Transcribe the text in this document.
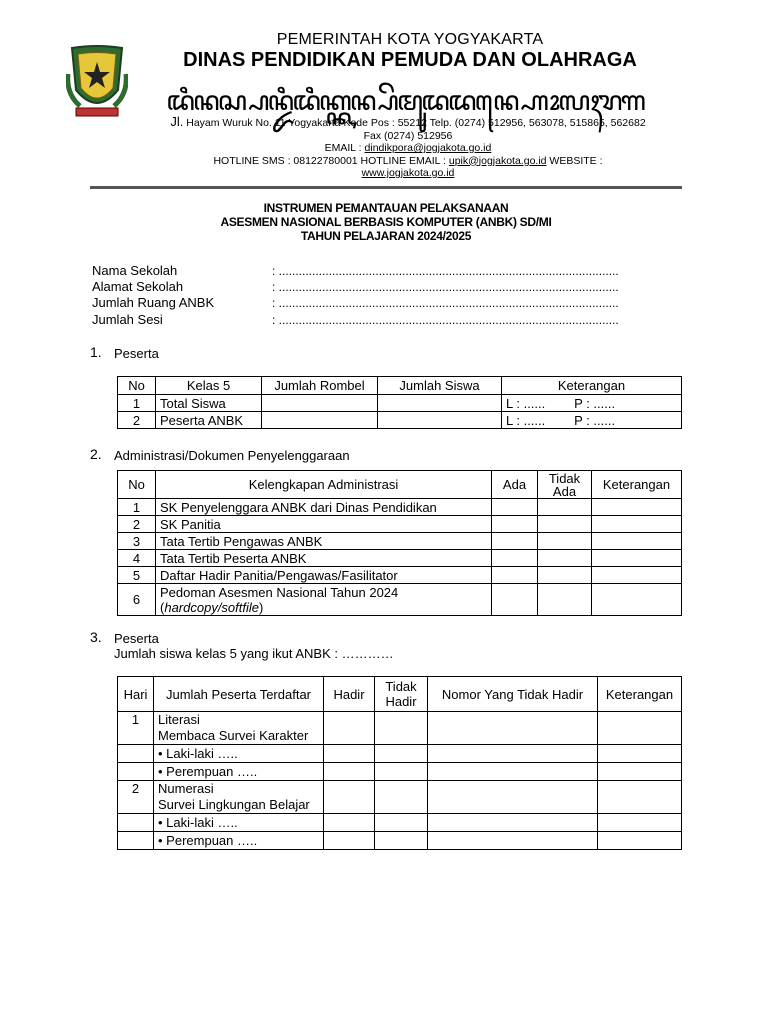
PEMERINTAH KOTA YOGYAKARTA
DINAS PENDIDIKAN PEMUDA DAN OLAHRAGA
ꦢꦶꦤꦱ꧀ꦥꦤ꧀ꦢꦶꦢꦶꦏ꧀ꦏꦤ꧀ꦥꦼꦩꦸꦢꦢꦤ꧀ꦲꦺꦴꦭꦃꦫꦒ
Jl. Hayam Wuruk No. 11 Yogyakarta Kode Pos : 55212 Telp. (0274) 512956, 563078, 515865, 562682
Fax (0274) 512956
EMAIL : dindikpora@jogjakota.go.id
HOTLINE SMS : 08122780001 HOTLINE EMAIL : upik@jogjakota.go.id WEBSITE :
www.jogjakota.go.id
INSTRUMEN PEMANTAUAN PELAKSANAAN
ASESMEN NASIONAL BERBASIS KOMPUTER (ANBK) SD/MI
TAHUN PELAJARAN 2024/2025
Nama Sekolah	: ......................................................................................................
Alamat Sekolah	: ......................................................................................................
Jumlah Ruang ANBK	: ......................................................................................................
Jumlah Sesi	: ......................................................................................................
1. Peserta
No	Kelas 5	Jumlah Rombel	Jumlah Siswa	Keterangan
1	Total Siswa			L : ......        P : ......
2	Peserta ANBK			L : ......        P : ......
2. Administrasi/Dokumen Penyelenggaraan
No	Kelengkapan Administrasi	Ada	Tidak Ada	Keterangan
1	SK Penyelenggara ANBK dari Dinas Pendidikan			
2	SK Panitia			
3	Tata Tertib Pengawas ANBK			
4	Tata Tertib Peserta ANBK			
5	Daftar Hadir Panitia/Pengawas/Fasilitator			
6	Pedoman Asesmen Nasional Tahun 2024
(hardcopy/softfile)			

3. Peserta
Jumlah siswa kelas 5 yang ikut ANBK : …………
Hari	Jumlah Peserta Terdaftar	Hadir	Tidak Hadir	Nomor Yang Tidak Hadir	Keterangan
1	Literasi
Membaca Survei Karakter				

	• Laki-laki …..				
	• Perempuan …..				
2	Numerasi
Survei Lingkungan Belajar				

	• Laki-laki …..				
	• Perempuan …..				
